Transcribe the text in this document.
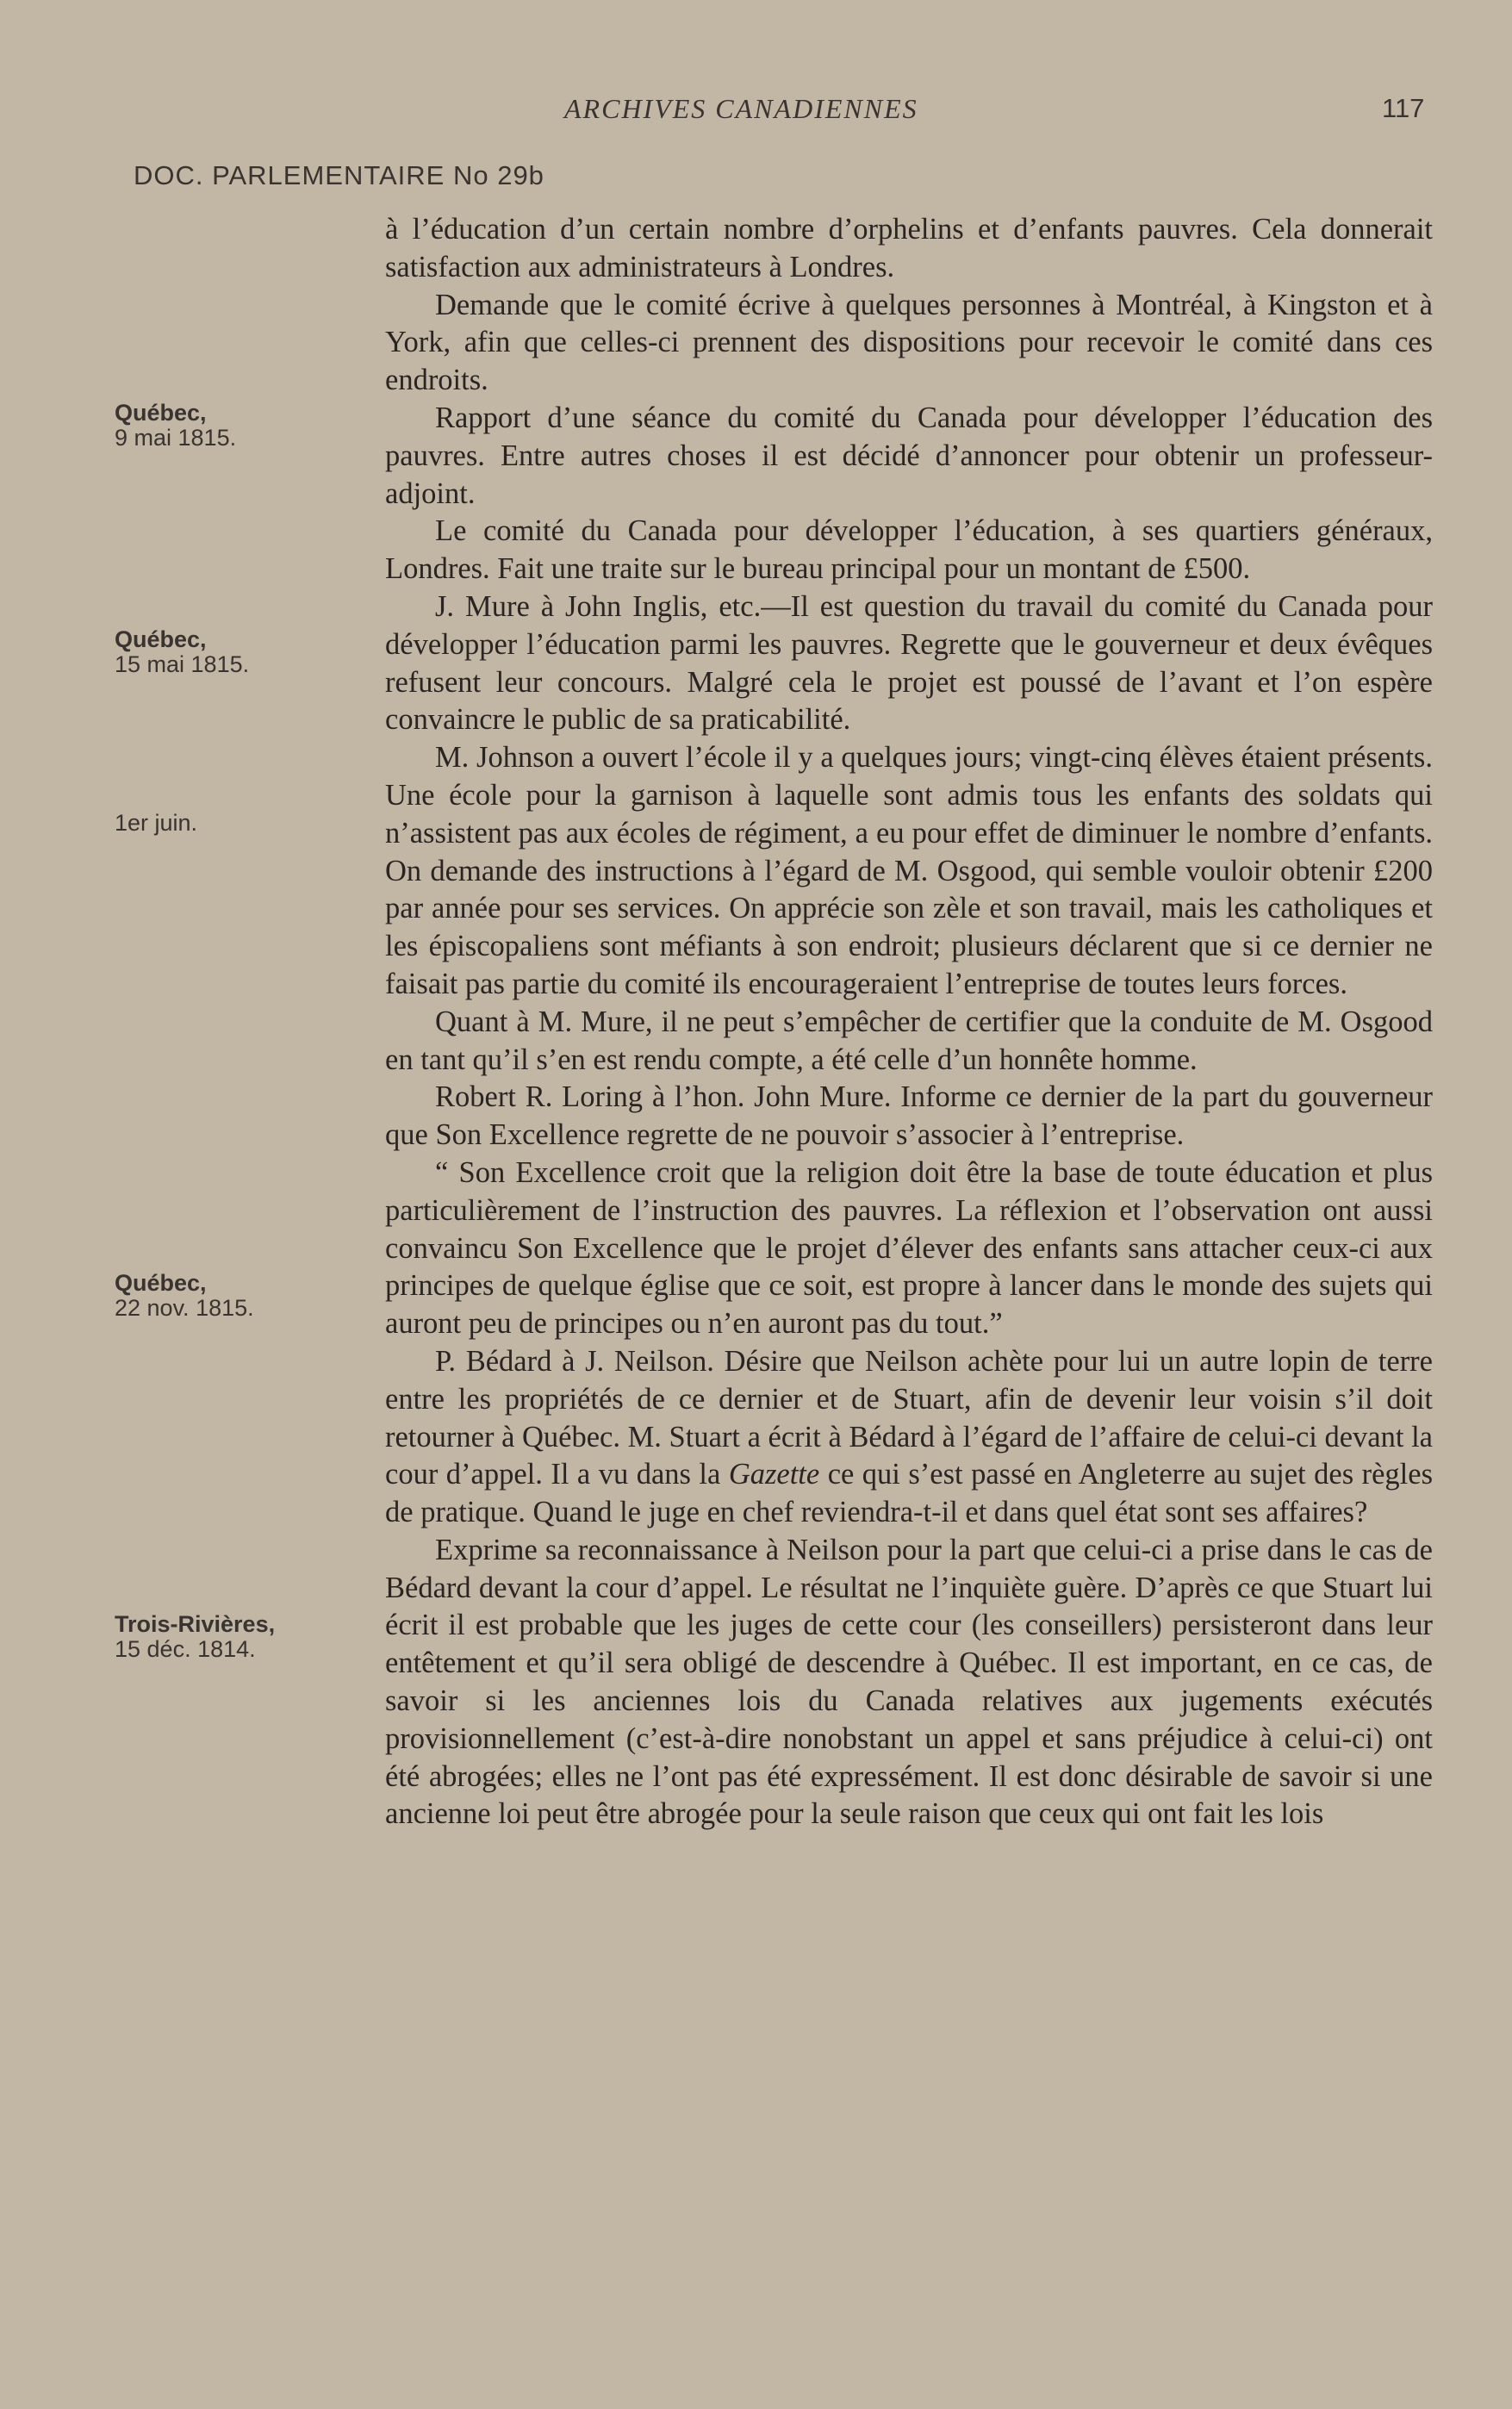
ARCHIVES CANADIENNES	117
DOC. PARLEMENTAIRE No 29b
Québec,
9 mai 1815.
Québec,
15 mai 1815.
1er juin.
Québec,
22 nov. 1815.
Trois-Rivières,
15 déc. 1814.

à l’éducation d’un certain nombre d’orphelins et d’enfants pauvres. Cela donnerait satisfaction aux administrateurs à Londres.

Demande que le comité écrive à quelques personnes à Montréal, à Kingston et à York, afin que celles-ci prennent des dispositions pour recevoir le comité dans ces endroits.

Rapport d’une séance du comité du Canada pour développer l’éducation des pauvres. Entre autres choses il est décidé d’annoncer pour obtenir un professeur-adjoint.

Le comité du Canada pour développer l’éducation, à ses quartiers généraux, Londres. Fait une traite sur le bureau principal pour un montant de £500.

J. Mure à John Inglis, etc.—Il est question du travail du comité du Canada pour développer l’éducation parmi les pauvres. Regrette que le gouverneur et deux évêques refusent leur concours. Malgré cela le projet est poussé de l’avant et l’on espère convaincre le public de sa praticabilité.

M. Johnson a ouvert l’école il y a quelques jours; vingt-cinq élèves étaient présents. Une école pour la garnison à laquelle sont admis tous les enfants des soldats qui n’assistent pas aux écoles de régiment, a eu pour effet de diminuer le nombre d’enfants. On demande des instructions à l’égard de M. Osgood, qui semble vouloir obtenir £200 par année pour ses services. On apprécie son zèle et son travail, mais les catholiques et les épiscopaliens sont méfiants à son endroit; plusieurs déclarent que si ce dernier ne faisait pas partie du comité ils encourageraient l’entreprise de toutes leurs forces.

Quant à M. Mure, il ne peut s’empêcher de certifier que la conduite de M. Osgood en tant qu’il s’en est rendu compte, a été celle d’un honnête homme.

Robert R. Loring à l’hon. John Mure. Informe ce dernier de la part du gouverneur que Son Excellence regrette de ne pouvoir s’associer à l’entreprise.

“ Son Excellence croit que la religion doit être la base de toute éducation et plus particulièrement de l’instruction des pauvres. La réflexion et l’observation ont aussi convaincu Son Excellence que le projet d’élever des enfants sans attacher ceux-ci aux principes de quelque église que ce soit, est propre à lancer dans le monde des sujets qui auront peu de principes ou n’en auront pas du tout.”

P. Bédard à J. Neilson. Désire que Neilson achète pour lui un autre lopin de terre entre les propriétés de ce dernier et de Stuart, afin de devenir leur voisin s’il doit retourner à Québec. M. Stuart a écrit à Bédard à l’égard de l’affaire de celui-ci devant la cour d’appel. Il a vu dans la Gazette ce qui s’est passé en Angleterre au sujet des règles de pratique. Quand le juge en chef reviendra-t-il et dans quel état sont ses affaires?

Exprime sa reconnaissance à Neilson pour la part que celui-ci a prise dans le cas de Bédard devant la cour d’appel. Le résultat ne l’inquiète guère. D’après ce que Stuart lui écrit il est probable que les juges de cette cour (les conseillers) persisteront dans leur entêtement et qu’il sera obligé de descendre à Québec. Il est important, en ce cas, de savoir si les anciennes lois du Canada relatives aux jugements exécutés provisionnellement (c’est-à-dire nonobstant un appel et sans préjudice à celui-ci) ont été abrogées; elles ne l’ont pas été expressément. Il est donc désirable de savoir si une ancienne loi peut être abrogée pour la seule raison que ceux qui ont fait les lois
